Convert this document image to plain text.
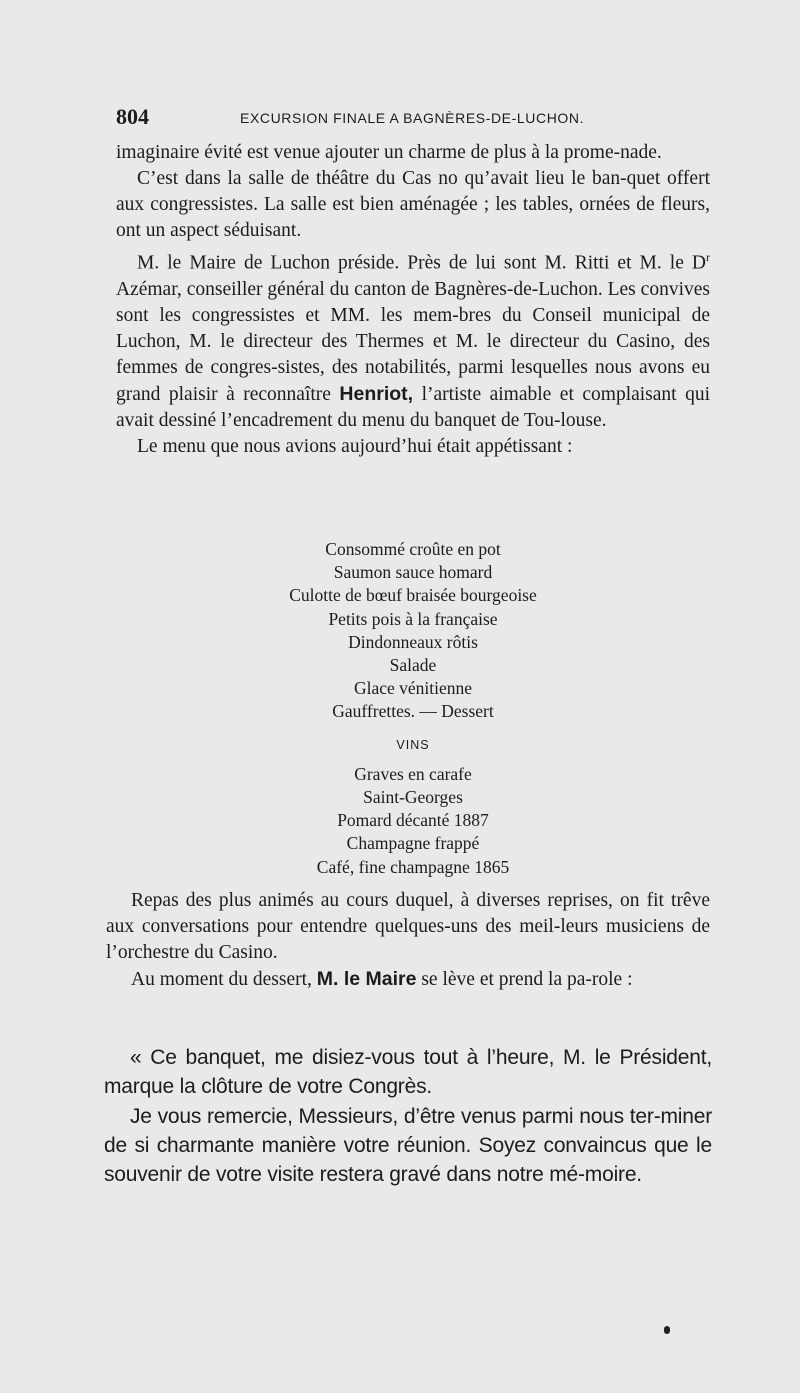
804	EXCURSION FINALE A BAGNÈRES-DE-LUCHON.

imaginaire évité est venue ajouter un charme de plus à la prome-nade.

C’est dans la salle de théâtre du Cas no qu’avait lieu le ban-quet offert aux congressistes. La salle est bien aménagée ; les tables, ornées de fleurs, ont un aspect séduisant.

M. le Maire de Luchon préside. Près de lui sont M. Ritti et M. le $D^r$ Azémar, conseiller général du canton de Bagnères-de-Luchon. Les convives sont les congressistes et MM. les mem-bres du Conseil municipal de Luchon, M. le directeur des Thermes et M. le directeur du Casino, des femmes de congres-sistes, des notabilités, parmi lesquelles nous avons eu grand plaisir à reconnaître Henriot, l’artiste aimable et complaisant qui avait dessiné l’encadrement du menu du banquet de Tou-louse.

Le menu que nous avions aujourd’hui était appétissant :

Consommé croûte en pot
Saumon sauce homard
Culotte de bœuf braisée bourgeoise
Petits pois à la française
Dindonneaux rôtis
Salade
Glace vénitienne
Gauffrettes. — Dessert
VINS
Graves en carafe
Saint-Georges
Pomard décanté 1887
Champagne frappé
Café, fine champagne 1865

Repas des plus animés au cours duquel, à diverses reprises, on fit trêve aux conversations pour entendre quelques-uns des meil-leurs musiciens de l’orchestre du Casino.

Au moment du dessert, M. le Maire se lève et prend la pa-role :

« Ce banquet, me disiez-vous tout à l’heure, M. le Président, marque la clôture de votre Congrès.

Je vous remercie, Messieurs, d’être venus parmi nous ter-miner de si charmante manière votre réunion. Soyez convaincus que le souvenir de votre visite restera gravé dans notre mé-moire.
